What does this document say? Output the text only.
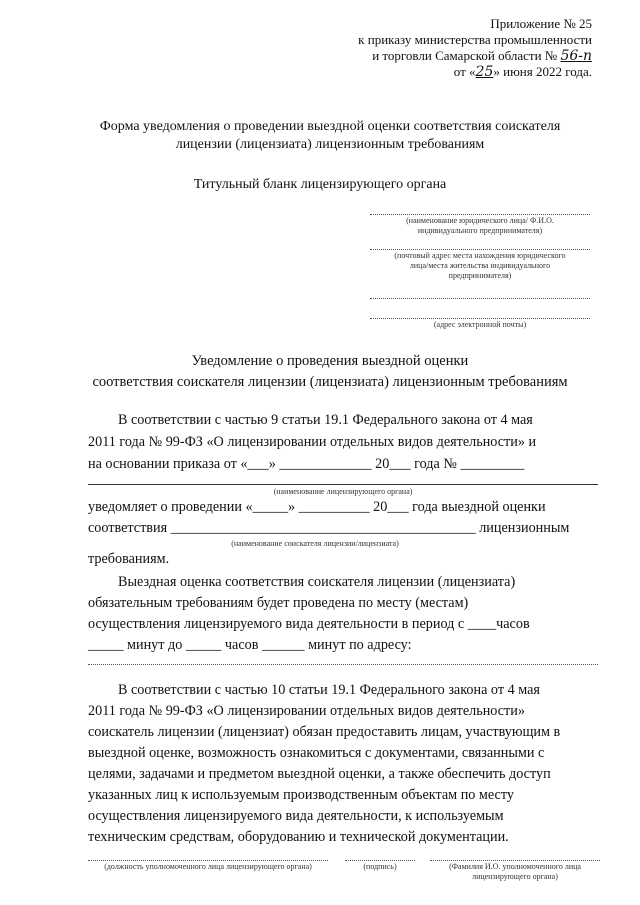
Приложение № 25
к приказу министерства промышленности
и торговли Самарской области № 56-п
от «25» июня 2022 года.
Форма уведомления о проведении выездной оценки соответствия соискателя
лицензии (лицензиата) лицензионным требованиям
Титульный бланк лицензирующего органа
(наименование юридического лица/ Ф.И.О.
индивидуального предпринимателя)
(почтовый адрес места нахождения юридического
лица/места жительства индивидуального
предпринимателя)
(адрес электронной почты)
Уведомление о проведения выездной оценки
соответствия соискателя лицензии (лицензиата) лицензионным требованиям
В соответствии с частью 9 статьи 19.1 Федерального закона от 4 мая
2011 года № 99-ФЗ «О лицензировании отдельных видов деятельности» и
на основании приказа от «___» _____________ 20___ года № _________
(наименование лицензирующего органа)
уведомляет о проведении «_____» __________ 20___ года выездной оценки
соответствия ___________________________________________ лицензионным
(наименование соискателя лицензии/лицензиата)
требованиям.
Выездная оценка соответствия соискателя лицензии (лицензиата)
обязательным требованиям будет проведена по месту (местам)
осуществления лицензируемого вида деятельности в период с ____часов
_____ минут до _____ часов ______ минут по адресу:
В соответствии с частью 10 статьи 19.1 Федерального закона от 4 мая
2011 года № 99-ФЗ «О лицензировании отдельных видов деятельности»
соискатель лицензии (лицензиат) обязан предоставить лицам, участвующим в
выездной оценке, возможность ознакомиться с документами, связанными с
целями, задачами и предметом выездной оценки, а также обеспечить доступ
указанных лиц к используемым производственным объектам по месту
осуществления лицензируемого вида деятельности, к используемым
техническим средствам, оборудованию и технической документации.
(должность уполномоченного лица лицензирующего органа)	(подпись)	(Фамилия И.О. уполномоченного лица
лицензирующего органа)
